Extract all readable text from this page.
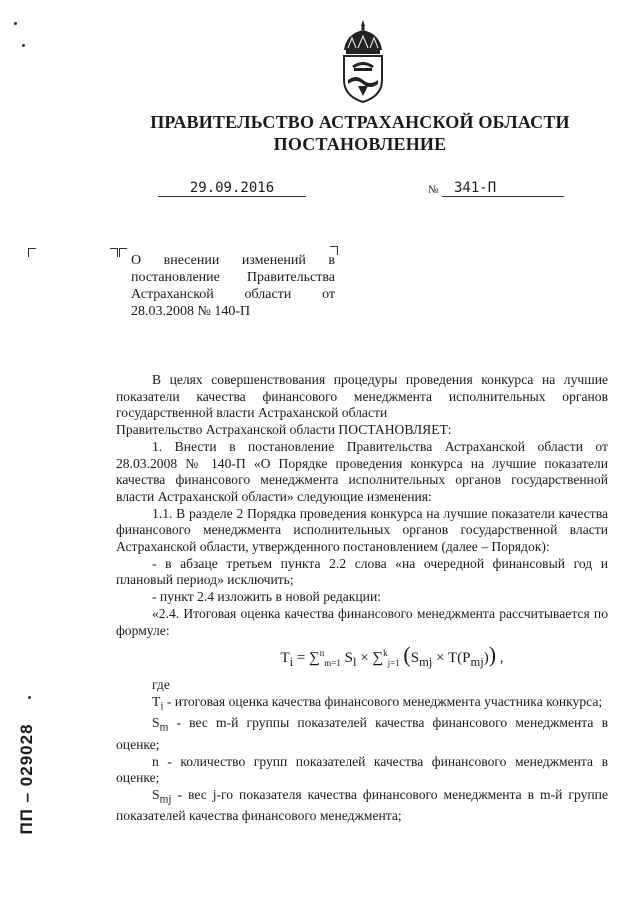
ПРАВИТЕЛЬСТВО АСТРАХАНСКОЙ ОБЛАСТИ
ПОСТАНОВЛЕНИЕ
29.09.2016	№	341-П
О внесении изменений в постановление Правительства Астраханской области от 28.03.2008 № 140-П

В целях совершенствования процедуры проведения конкурса на лучшие показатели качества финансового менеджмента исполнительных органов государственной власти Астраханской области

Правительство Астраханской области ПОСТАНОВЛЯЕТ:

1. Внести в постановление Правительства Астраханской области от 28.03.2008 № 140-П «О Порядке проведения конкурса на лучшие показатели качества финансового менеджмента исполнительных органов государственной власти Астраханской области» следующие изменения:

1.1. В разделе 2 Порядка проведения конкурса на лучшие показатели качества финансового менеджмента исполнительных органов государственной власти Астраханской области, утвержденного постановлением (далее – Порядок):

- в абзаце третьем пункта 2.2 слова «на очередной финансовый год и плановый период» исключить;

- пункт 2.4 изложить в новой редакции:

«2.4. Итоговая оценка качества финансового менеджмента рассчитывается по формуле:

$T_i = \sum^n_{m=1}$ $S_l \times \sum^k_{j=1}$ $(S_{mj} \times T(P_{mj}))$ ,

где

$T_i$ - итоговая оценка качества финансового менеджмента участника конкурса;

$S_m$ - вес m-й группы показателей качества финансового менеджмента в оценке;

n - количество групп показателей качества финансового менеджмента в оценке;

$S_{mj}$ - вес j-го показателя качества финансового менеджмента в m-й группе показателей качества финансового менеджмента;

ПП – 029028
